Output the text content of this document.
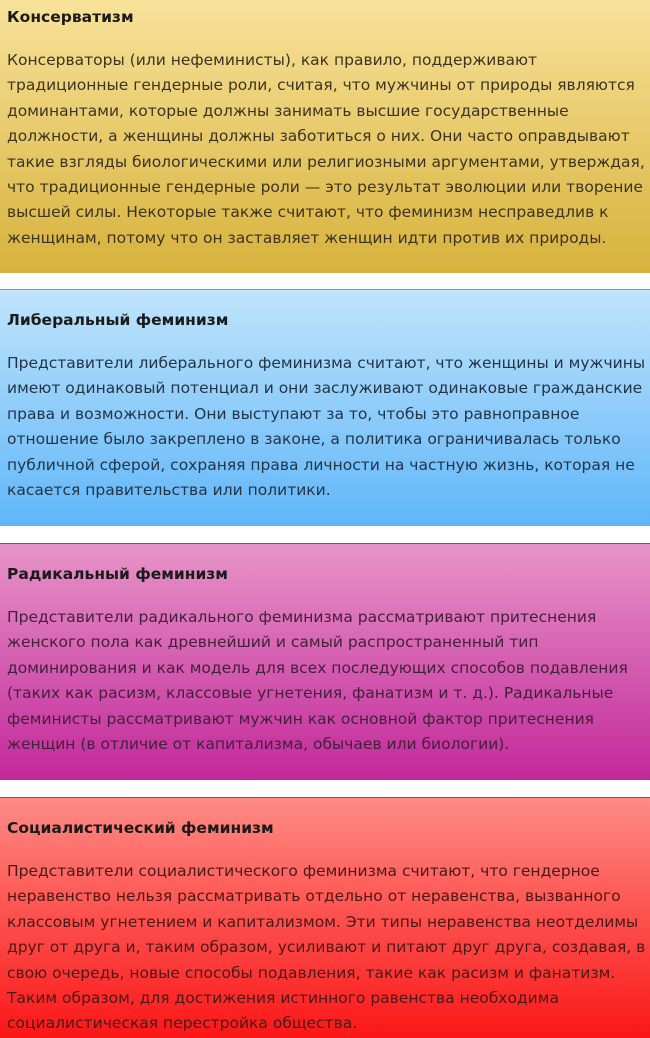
Консерватизм

Консерваторы (или нефеминисты), как правило, поддерживают
традиционные гендерные роли, считая, что мужчины от природы являются
доминантами, которые должны занимать высшие государственные
должности, а женщины должны заботиться о них. Они часто оправдывают
такие взгляды биологическими или религиозными аргументами, утверждая,
что традиционные гендерные роли — это результат эволюции или творение
высшей силы. Некоторые также считают, что феминизм несправедлив к
женщинам, потому что он заставляет женщин идти против их природы.

Либеральный феминизм

Представители либерального феминизма считают, что женщины и мужчины
имеют одинаковый потенциал и они заслуживают одинаковые гражданские
права и возможности. Они выступают за то, чтобы это равноправное
отношение было закреплено в законе, а политика ограничивалась только
публичной сферой, сохраняя права личности на частную жизнь, которая не
касается правительства или политики.

Радикальный феминизм

Представители радикального феминизма рассматривают притеснения
женского пола как древнейший и самый распространенный тип
доминирования и как модель для всех последующих способов подавления
(таких как расизм, классовые угнетения, фанатизм и т. д.). Радикальные
феминисты рассматривают мужчин как основной фактор притеснения
женщин (в отличие от капитализма, обычаев или биологии).

Социалистический феминизм

Представители социалистического феминизма считают, что гендерное
неравенство нельзя рассматривать отдельно от неравенства, вызванного
классовым угнетением и капитализмом. Эти типы неравенства неотделимы
друг от друга и, таким образом, усиливают и питают друг друга, создавая, в
свою очередь, новые способы подавления, такие как расизм и фанатизм.
Таким образом, для достижения истинного равенства необходима
социалистическая перестройка общества.
